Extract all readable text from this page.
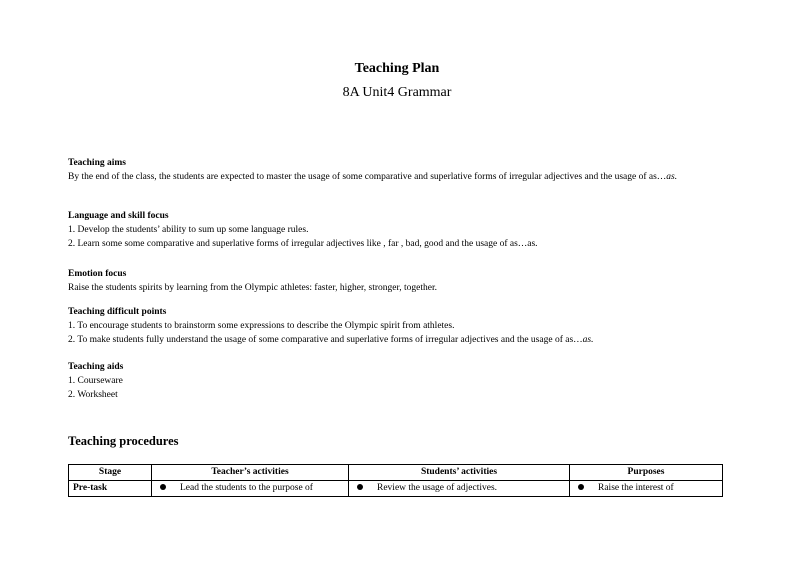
Teaching Plan
8A Unit4 Grammar
Teaching aims
By the end of the class, the students are expected to master the usage of some comparative and superlative forms of irregular adjectives and the usage of as…as.
Language and skill focus
1. Develop the students’ ability to sum up some language rules.
2. Learn some some comparative and superlative forms of irregular adjectives like , far , bad, good and the usage of as…as.
Emotion focus
Raise the students spirits by learning from the Olympic athletes: faster, higher, stronger, together.
Teaching difficult points
1. To encourage students to brainstorm some expressions to describe the Olympic spirit from athletes.
2. To make students fully understand the usage of some comparative and superlative forms of irregular adjectives and the usage of as…as.
Teaching aids
1. Courseware
2. Worksheet
Teaching procedures
Stage	Teacher’s activities	Students’ activities	Purposes
Pre-task	Lead the students to the purpose of	Review the usage of adjectives.	Raise the interest of
